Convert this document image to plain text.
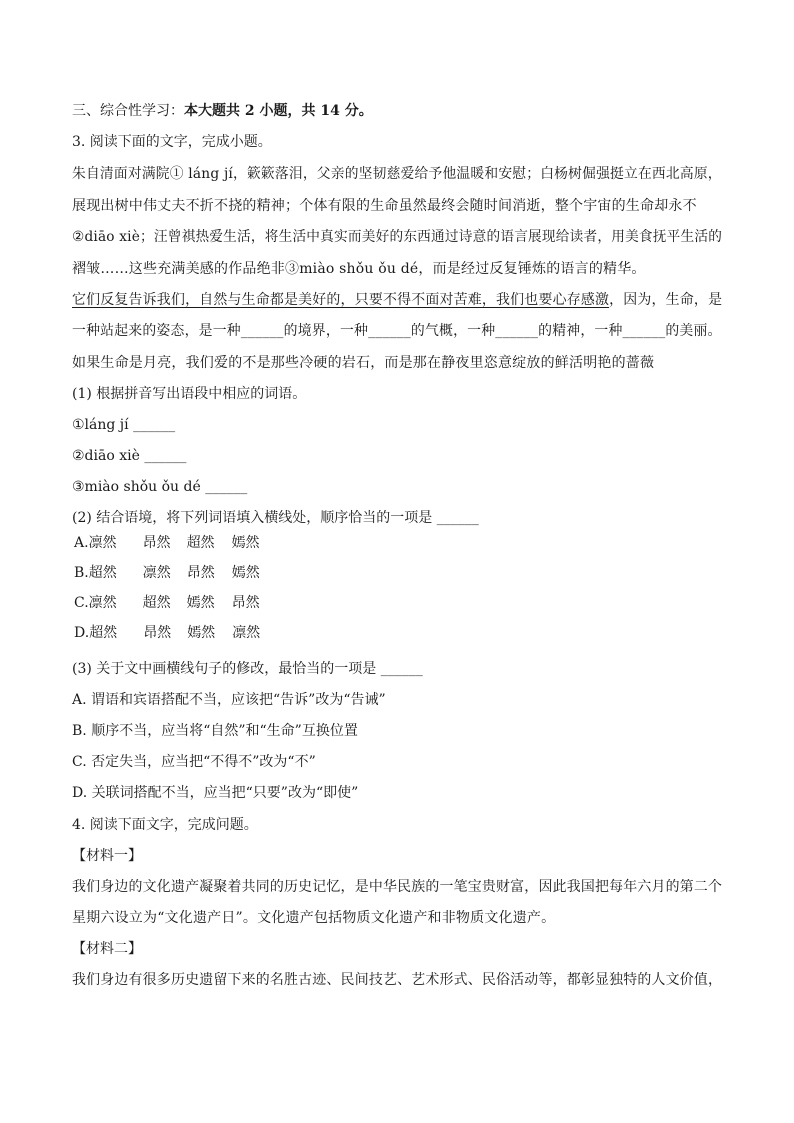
三、综合性学习：本大题共 2 小题，共 14 分。
3. 阅读下面的文字，完成小题。
朱自清面对满院① láng jí，簌簌落泪，父亲的坚韧慈爱给予他温暖和安慰；白杨树倔强挺立在西北高原，
展现出树中伟丈夫不折不挠的精神；个体有限的生命虽然最终会随时间消逝，整个宇宙的生命却永不
②diāo xiè；汪曾祺热爱生活，将生活中真实而美好的东西通过诗意的语言展现给读者，用美食抚平生活的
褶皱……这些充满美感的作品绝非③miào shǒu ǒu dé，而是经过反复锤炼的语言的精华。
它们反复告诉我们，自然与生命都是美好的，只要不得不面对苦难，我们也要心存感激，因为，生命，是
一种站起来的姿态，是一种______的境界，一种______的气概，一种______的精神，一种______的美丽。
如果生命是月亮，我们爱的不是那些冷硬的岩石，而是那在静夜里恣意绽放的鲜活明艳的蔷薇
(1) 根据拼音写出语段中相应的词语。
①láng jí ______
②diāo xiè ______
③miào shǒu ǒu dé ______
(2) 结合语境，将下列词语填入横线处，顺序恰当的一项是 ______
A.凛然 昂然 超然 嫣然
B.超然 凛然 昂然 嫣然
C.凛然 超然 嫣然 昂然
D.超然 昂然 嫣然 凛然
(3) 关于文中画横线句子的修改，最恰当的一项是 ______
A. 谓语和宾语搭配不当，应该把“告诉”改为“告诫”
B. 顺序不当，应当将“自然”和“生命”互换位置
C. 否定失当，应当把“不得不”改为“不”
D. 关联词搭配不当，应当把“只要”改为“即使”
4. 阅读下面文字，完成问题。
【材料一】
我们身边的文化遗产凝聚着共同的历史记忆，是中华民族的一笔宝贵财富，因此我国把每年六月的第二个
星期六设立为“文化遗产日”。文化遗产包括物质文化遗产和非物质文化遗产。
【材料二】
我们身边有很多历史遗留下来的名胜古迹、民间技艺、艺术形式、民俗活动等，都彰显独特的人文价值，
